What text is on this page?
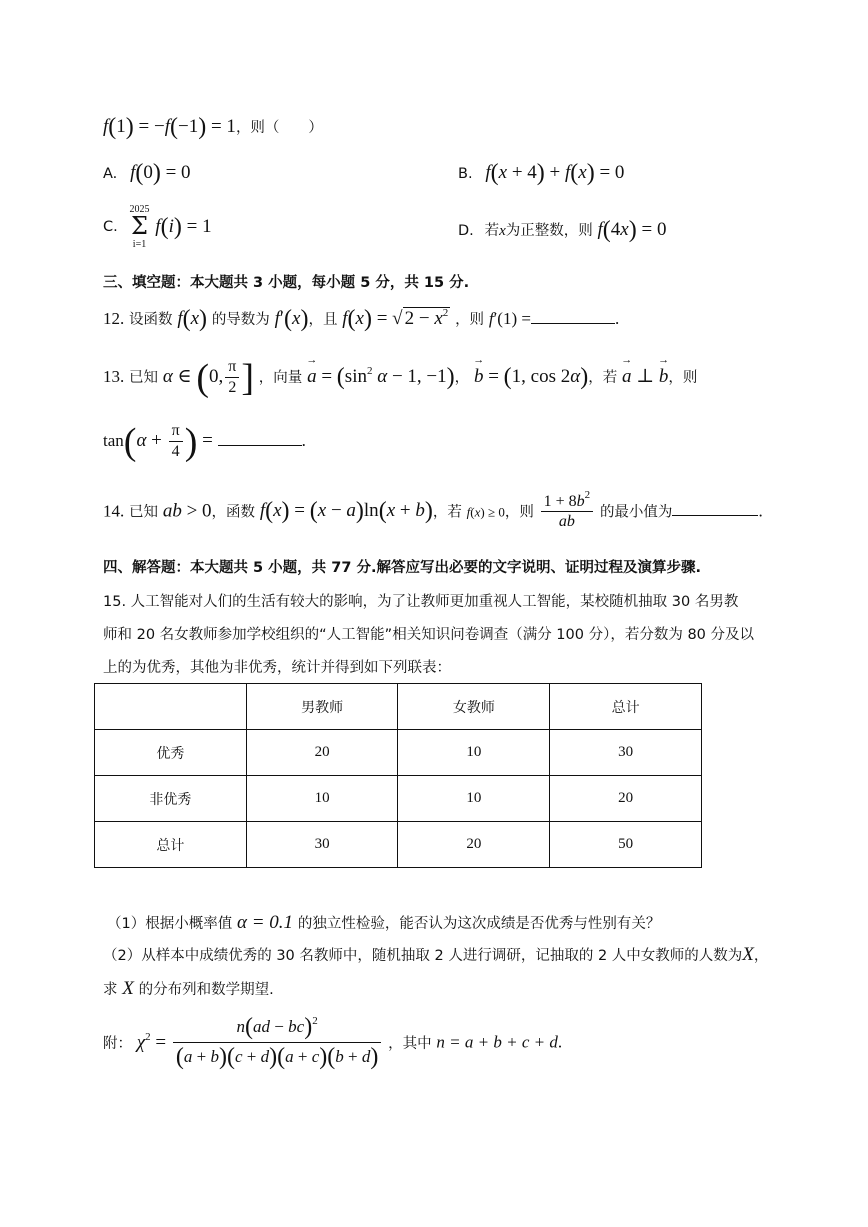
f(1) = −f(−1) = 1，则（　　）
A. f(0) = 0	B. f(x + 4) + f(x) = 0
C.
2025
Σ
i=1
f(i) = 1	D. 若x为正整数，则 f(4x) = 0
三、填空题：本大题共 3 小题，每小题 5 分，共 15 分.
12. 设函数 f(x) 的导数为 f′(x)，且 f(x) = √ $2 - x^2$ ，则 f′(1) =	.
13. 已知 α ∈ (0, $\frac{\pi}{2}$ ] ，向量 → $a = (\sin^2$ α − 1, −1)， → b = (1, cos 2α)，若 → a ⊥ → b，则
$\tan(\alpha + \frac{\pi}{4}$ ) =	.
14. 已知 ab > 0，函数 f(x) = (x − a)ln(x + b)，若 f(x) ≥ 0，则 $\frac{1 + 8b^2}{ab}$ 的最小值为	.
四、解答题：本大题共 5 小题，共 77 分.解答应写出必要的文字说明、证明过程及演算步骤.
15. 人工智能对人们的生活有较大的影响，为了让教师更加重视人工智能，某校随机抽取 30 名男教
师和 20 名女教师参加学校组织的“人工智能”相关知识问卷调查（满分 100 分），若分数为 80 分及以
上的为优秀，其他为非优秀，统计并得到如下列联表：
	男教师	女教师	总计
优秀	20	10	30
非优秀	10	10	20
总计	30	20	50
（1）根据小概率值 α = 0.1 的独立性检验，能否认为这次成绩是否优秀与性别有关？
（2）从样本中成绩优秀的 30 名教师中，随机抽取 2 人进行调研，记抽取的 2 人中女教师的人数为X，
求 X 的分布列和数学期望.
附： $\chi^2 = \frac{n(ad - bc)^2}{(a + b)(c + d)(a + c)(b + d)}$ ，其中 n = a + b + c + d.
